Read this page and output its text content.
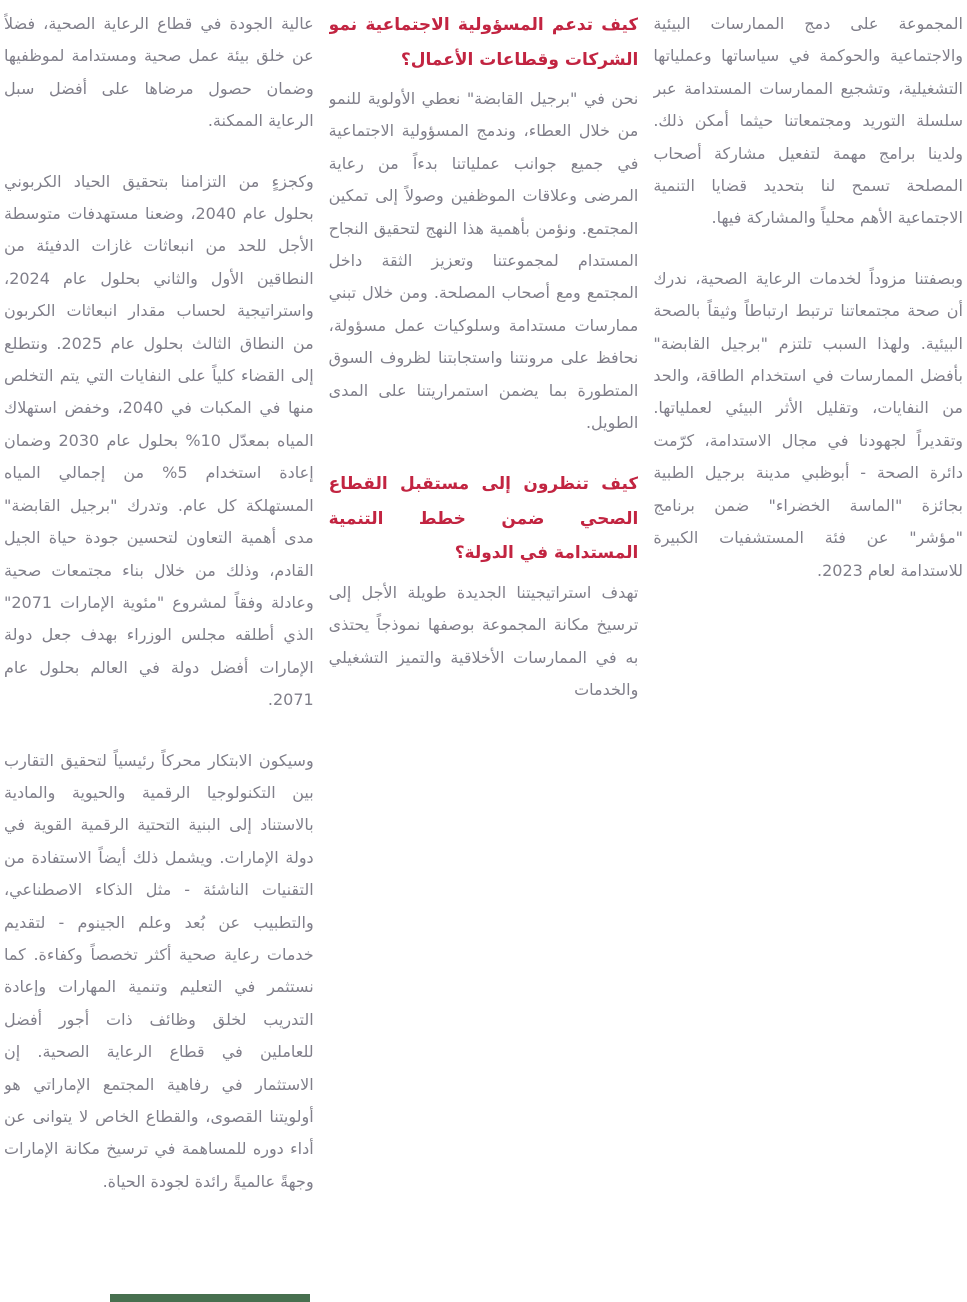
المجموعة على دمج الممارسات البيئية والاجتماعية والحوكمة في سياساتها وعملياتها التشغيلية، وتشجيع الممارسات المستدامة عبر سلسلة التوريد ومجتمعاتنا حيثما أمكن ذلك. ولدينا برامج مهمة لتفعيل مشاركة أصحاب المصلحة تسمح لنا بتحديد قضايا التنمية الاجتماعية الأهم محلياً والمشاركة فيها.

وبصفتنا مزوداً لخدمات الرعاية الصحية، ندرك أن صحة مجتمعاتنا ترتبط ارتباطاً وثيقاً بالصحة البيئية. ولهذا السبب تلتزم "برجيل القابضة" بأفضل الممارسات في استخدام الطاقة، والحد من النفايات، وتقليل الأثر البيئي لعملياتها. وتقديراً لجهودنا في مجال الاستدامة، كرّمت دائرة الصحة - أبوظبي مدينة برجيل الطبية بجائزة "الماسة الخضراء" ضمن برنامج "مؤشر" عن فئة المستشفيات الكبيرة للاستدامة لعام 2023.

كيف تدعم المسؤولية الاجتماعية نمو الشركات وقطاعات الأعمال؟

نحن في "برجيل القابضة" نعطي الأولوية للنمو من خلال العطاء، وندمج المسؤولية الاجتماعية في جميع جوانب عملياتنا بدءاً من رعاية المرضى وعلاقات الموظفين وصولاً إلى تمكين المجتمع. ونؤمن بأهمية هذا النهج لتحقيق النجاح المستدام لمجموعتنا وتعزيز الثقة داخل المجتمع ومع أصحاب المصلحة. ومن خلال تبني ممارسات مستدامة وسلوكيات عمل مسؤولة، نحافظ على مرونتنا واستجابتنا لظروف السوق المتطورة بما يضمن استمراريتنا على المدى الطويل.

كيف تنظرون إلى مستقبل القطاع الصحي ضمن خطط التنمية المستدامة في الدولة؟

تهدف استراتيجيتنا الجديدة طويلة الأجل إلى ترسيخ مكانة المجموعة بوصفها نموذجاً يحتذى به في الممارسات الأخلاقية والتميز التشغيلي والخدمات

عالية الجودة في قطاع الرعاية الصحية، فضلاً عن خلق بيئة عمل صحية ومستدامة لموظفيها وضمان حصول مرضاها على أفضل سبل الرعاية الممكنة.

وكجزءٍ من التزامنا بتحقيق الحياد الكربوني بحلول عام 2040، وضعنا مستهدفات متوسطة الأجل للحد من انبعاثات غازات الدفيئة من النطاقين الأول والثاني بحلول عام 2024، واستراتيجية لحساب مقدار انبعاثات الكربون من النطاق الثالث بحلول عام 2025. ونتطلع إلى القضاء كلياً على النفايات التي يتم التخلص منها في المكبات في 2040، وخفض استهلاك المياه بمعدّل 10% بحلول عام 2030 وضمان إعادة استخدام 5% من إجمالي المياه المستهلكة كل عام. وتدرك "برجيل القابضة" مدى أهمية التعاون لتحسين جودة حياة الجيل القادم، وذلك من خلال بناء مجتمعات صحية وعادلة وفقاً لمشروع "مئوية الإمارات 2071" الذي أطلقه مجلس الوزراء بهدف جعل دولة الإمارات أفضل دولة في العالم بحلول عام 2071.

وسيكون الابتكار محركاً رئيسياً لتحقيق التقارب بين التكنولوجيا الرقمية والحيوية والمادية بالاستناد إلى البنية التحتية الرقمية القوية في دولة الإمارات. ويشمل ذلك أيضاً الاستفادة من التقنيات الناشئة - مثل الذكاء الاصطناعي، والتطبيب عن بُعد وعلم الجينوم - لتقديم خدمات رعاية صحية أكثر تخصصاً وكفاءة. كما نستثمر في التعليم وتنمية المهارات وإعادة التدريب لخلق وظائف ذات أجور أفضل للعاملين في قطاع الرعاية الصحية. إن الاستثمار في رفاهية المجتمع الإماراتي هو أولويتنا القصوى، والقطاع الخاص لا يتوانى عن أداء دوره للمساهمة في ترسيخ مكانة الإمارات وجهةً عالميةً رائدة لجودة الحياة.
